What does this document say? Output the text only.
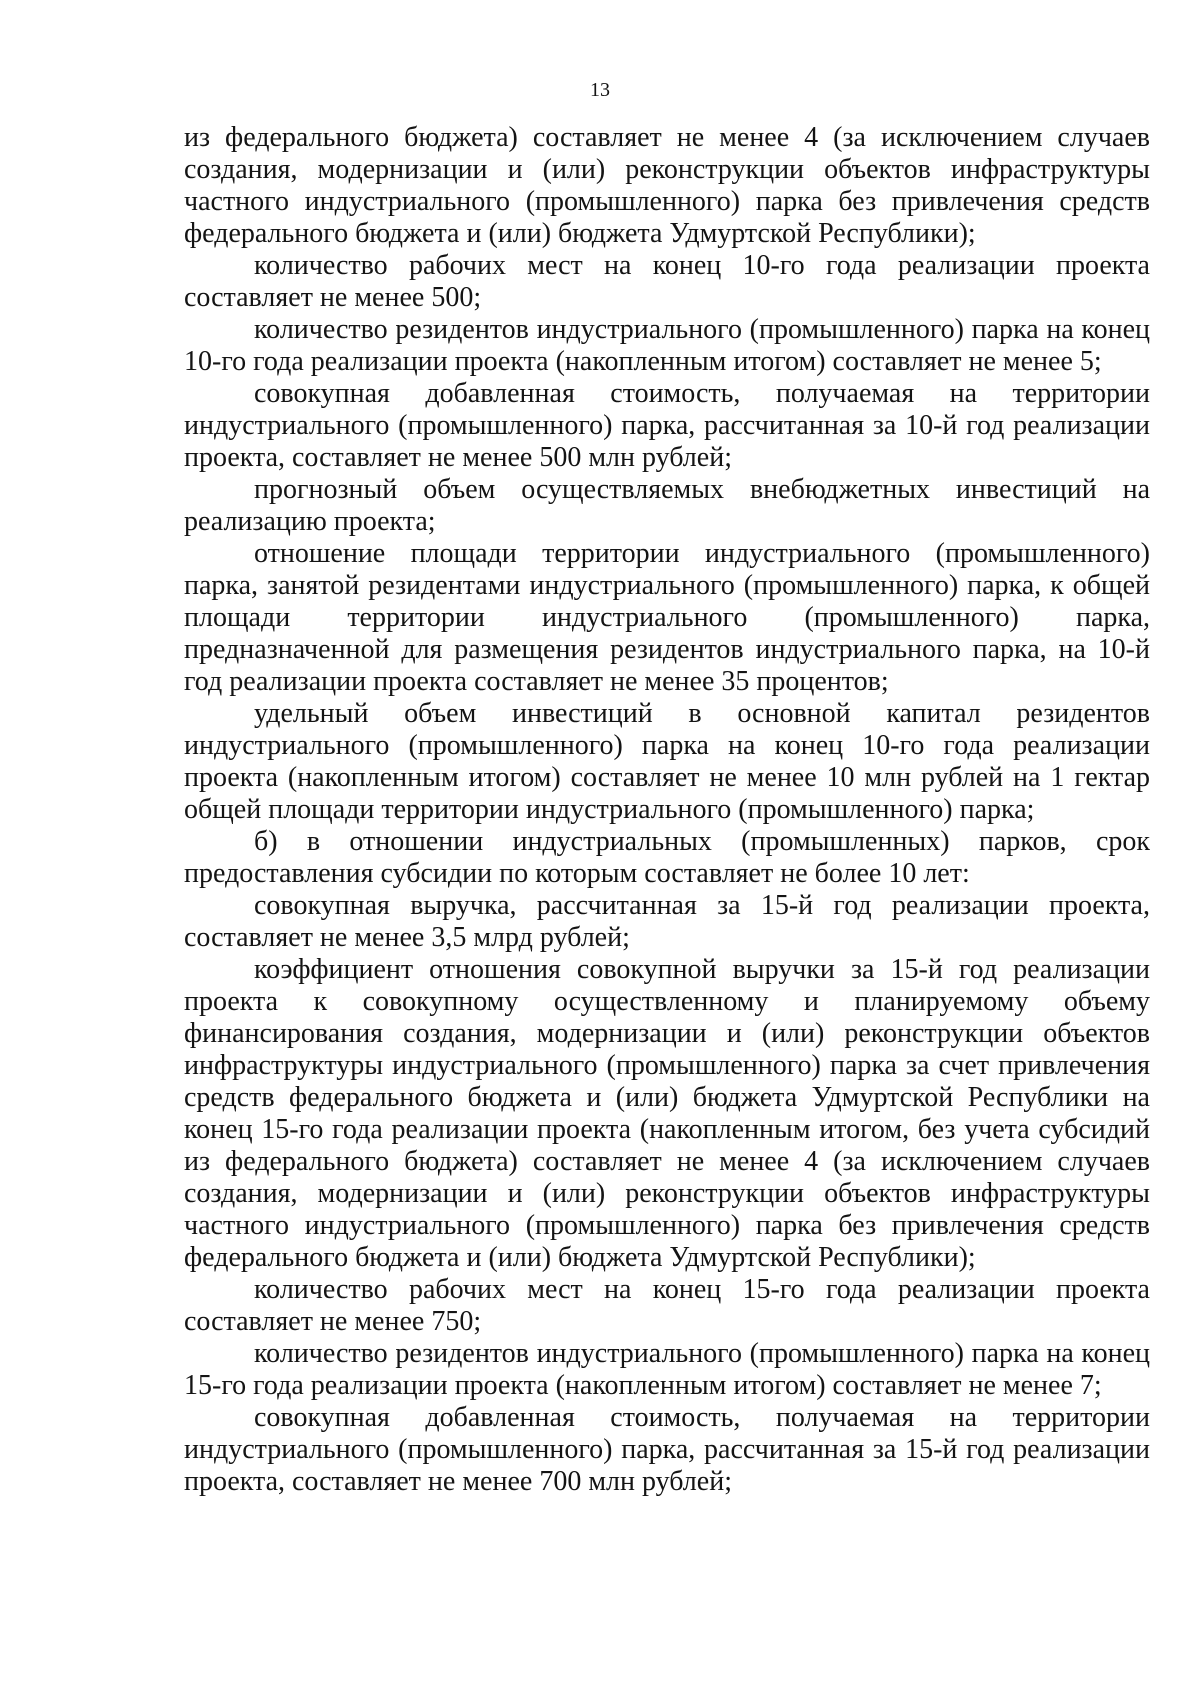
13

из федерального бюджета) составляет не менее 4 (за исключением случаев создания, модернизации и (или) реконструкции объектов инфраструктуры частного индустриального (промышленного) парка без привлечения средств федерального бюджета и (или) бюджета Удмуртской Республики);

количество рабочих мест на конец 10-го года реализации проекта составляет не менее 500;

количество резидентов индустриального (промышленного) парка на конец 10-го года реализации проекта (накопленным итогом) составляет не менее 5;

совокупная добавленная стоимость, получаемая на территории индустриального (промышленного) парка, рассчитанная за 10-й год реализации проекта, составляет не менее 500 млн рублей;

прогнозный объем осуществляемых внебюджетных инвестиций на реализацию проекта;

отношение площади территории индустриального (промышленного) парка, занятой резидентами индустриального (промышленного) парка, к общей площади территории индустриального (промышленного) парка, предназначенной для размещения резидентов индустриального парка, на 10-й год реализации проекта составляет не менее 35 процентов;

удельный объем инвестиций в основной капитал резидентов индустриального (промышленного) парка на конец 10-го года реализации проекта (накопленным итогом) составляет не менее 10 млн рублей на 1 гектар общей площади территории индустриального (промышленного) парка;

б) в отношении индустриальных (промышленных) парков, срок предоставления субсидии по которым составляет не более 10 лет:

совокупная выручка, рассчитанная за 15-й год реализации проекта, составляет не менее 3,5 млрд рублей;

коэффициент отношения совокупной выручки за 15-й год реализации проекта к совокупному осуществленному и планируемому объему финансирования создания, модернизации и (или) реконструкции объектов инфраструктуры индустриального (промышленного) парка за счет привлечения средств федерального бюджета и (или) бюджета Удмуртской Республики на конец 15-го года реализации проекта (накопленным итогом, без учета субсидий из федерального бюджета) составляет не менее 4 (за исключением случаев создания, модернизации и (или) реконструкции объектов инфраструктуры частного индустриального (промышленного) парка без привлечения средств федерального бюджета и (или) бюджета Удмуртской Республики);

количество рабочих мест на конец 15-го года реализации проекта составляет не менее 750;

количество резидентов индустриального (промышленного) парка на конец 15-го года реализации проекта (накопленным итогом) составляет не менее 7;

совокупная добавленная стоимость, получаемая на территории индустриального (промышленного) парка, рассчитанная за 15-й год реализации проекта, составляет не менее 700 млн рублей;
